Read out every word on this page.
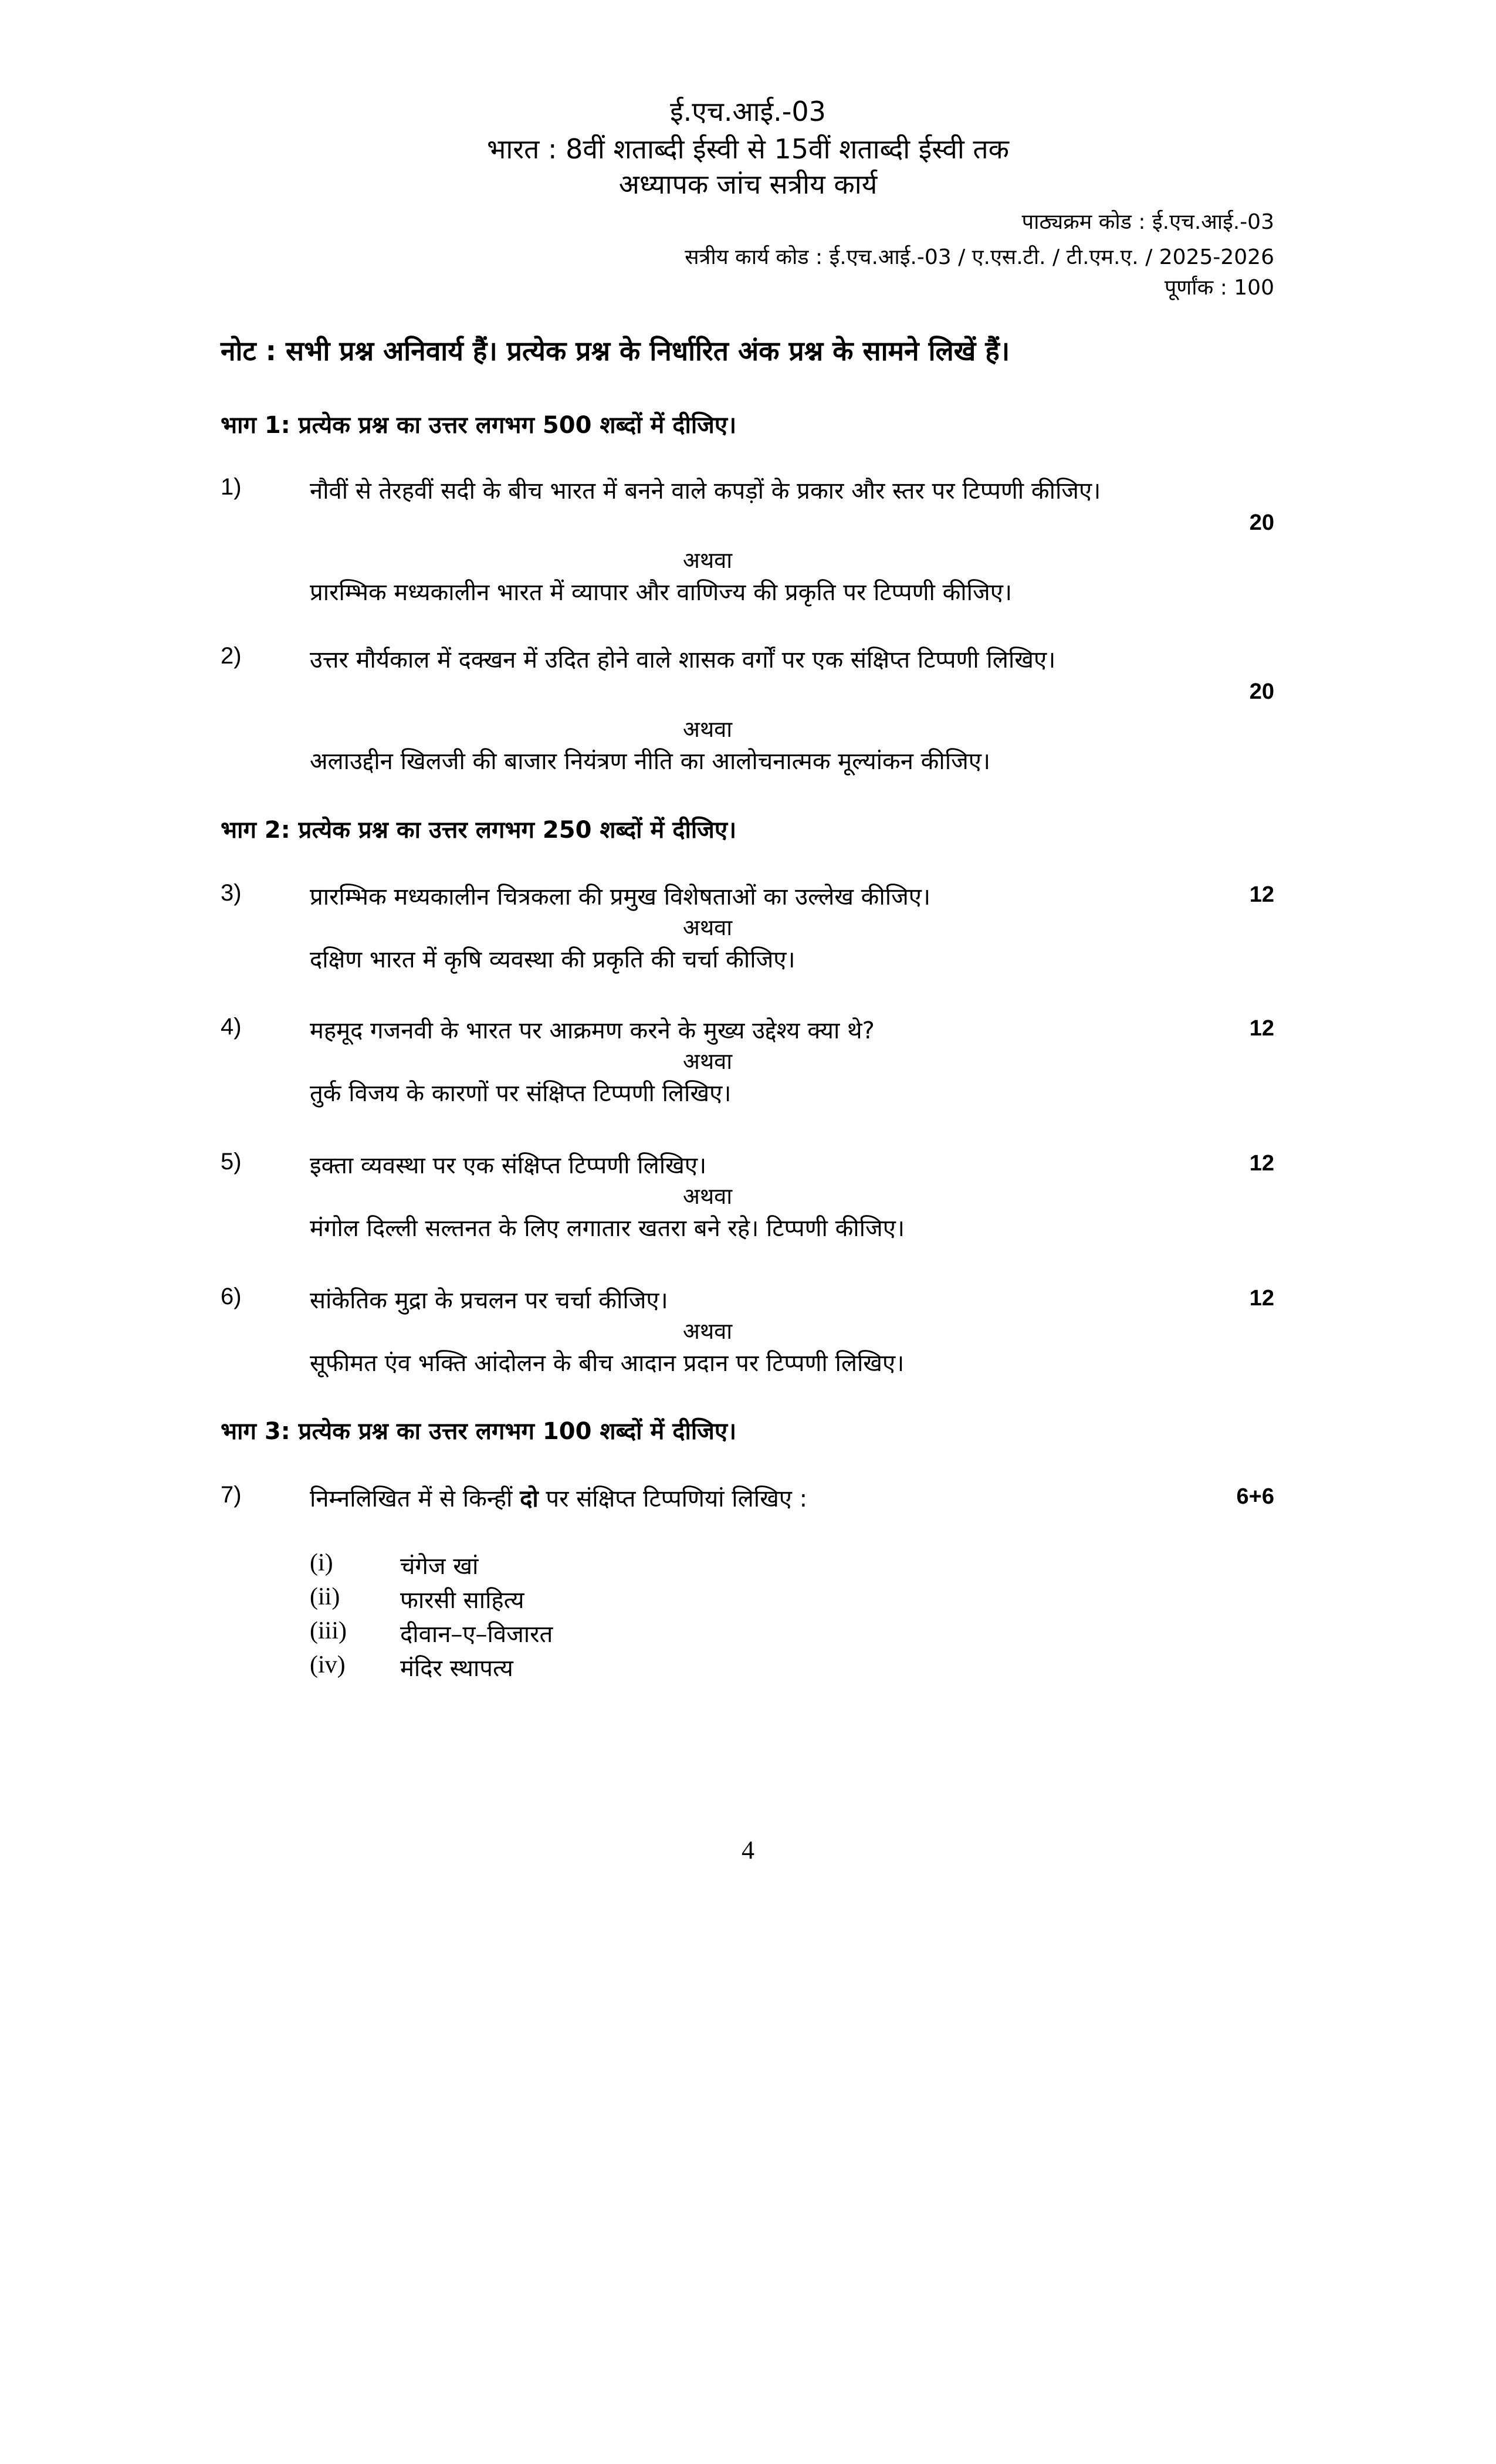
ई.एच.आई.-03
भारत : 8वीं शताब्दी ईस्वी से 15वीं शताब्दी ईस्वी तक
अध्यापक जांच सत्रीय कार्य
पाठ्यक्रम कोड : ई.एच.आई.-03
सत्रीय कार्य कोड : ई.एच.आई.-03 / ए.एस.टी. / टी.एम.ए. / 2025-2026
पूर्णांक : 100
नोट : सभी प्रश्न अनिवार्य हैं। प्रत्येक प्रश्न के निर्धारित अंक प्रश्न के सामने लिखें हैं।
भाग 1: प्रत्येक प्रश्न का उत्तर लगभग 500 शब्दों में दीजिए।
1)	नौवीं से तेरहवीं सदी के बीच भारत में बनने वाले कपड़ों के प्रकार और स्तर पर टिप्पणी कीजिए।
20
अथवा
प्रारम्भिक मध्यकालीन भारत में व्यापार और वाणिज्य की प्रकृति पर टिप्पणी कीजिए।
2)	उत्तर मौर्यकाल में दक्खन में उदित होने वाले शासक वर्गों पर एक संक्षिप्त टिप्पणी लिखिए।
20
अथवा
अलाउद्दीन खिलजी की बाजार नियंत्रण नीति का आलोचनात्मक मूल्यांकन कीजिए।
भाग 2: प्रत्येक प्रश्न का उत्तर लगभग 250 शब्दों में दीजिए।
3)	प्रारम्भिक मध्यकालीन चित्रकला की प्रमुख विशेषताओं का उल्लेख कीजिए।	12
अथवा
दक्षिण भारत में कृषि व्यवस्था की प्रकृति की चर्चा कीजिए।
4)	महमूद गजनवी के भारत पर आक्रमण करने के मुख्य उद्देश्य क्या थे?	12
अथवा
तुर्क विजय के कारणों पर संक्षिप्त टिप्पणी लिखिए।
5)	इक्ता व्यवस्था पर एक संक्षिप्त टिप्पणी लिखिए।	12
अथवा
मंगोल दिल्ली सल्तनत के लिए लगातार खतरा बने रहे। टिप्पणी कीजिए।
6)	सांकेतिक मुद्रा के प्रचलन पर चर्चा कीजिए।	12
अथवा
सूफीमत एंव भक्ति आंदोलन के बीच आदान प्रदान पर टिप्पणी लिखिए।
भाग 3: प्रत्येक प्रश्न का उत्तर लगभग 100 शब्दों में दीजिए।
7)	निम्नलिखित में से किन्हीं दो पर संक्षिप्त टिप्पणियां लिखिए :	6+6
(i)	चंगेज खां
(ii)	फारसी साहित्य
(iii) दीवान–ए–विजारत
(iv) मंदिर स्थापत्य
4
